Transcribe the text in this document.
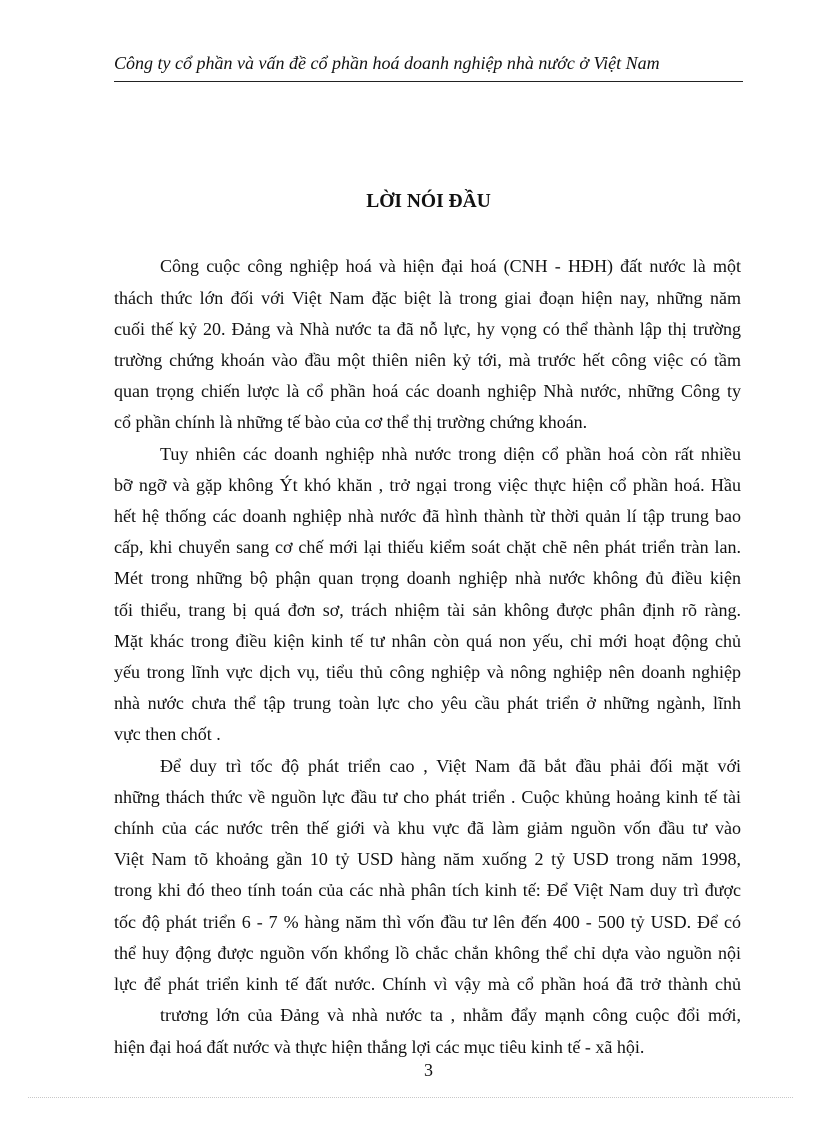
Công ty cổ phần và vấn đề cổ phần hoá doanh nghiệp nhà nước ở Việt Nam
LỜI NÓI ĐẦU
Công cuộc công nghiệp hoá và hiện đại hoá (CNH - HĐH) đất nước là một
thách thức lớn đối với Việt Nam đặc biệt là trong giai đoạn hiện nay, những năm
cuối thế kỷ 20. Đảng và Nhà nước ta đã nỗ lực, hy vọng có thể thành lập thị trường
trường chứng khoán vào đầu một thiên niên kỷ tới, mà trước hết công việc có tầm
quan trọng chiến lược là cổ phần hoá các doanh nghiệp Nhà nước, những Công ty
cổ phần chính là những tế bào của cơ thể thị trường chứng khoán.
Tuy nhiên các doanh nghiệp nhà nước trong diện cổ phần hoá còn rất nhiều
bỡ ngỡ và gặp không Ýt khó khăn , trở ngại trong việc thực hiện cổ phần hoá. Hầu
hết hệ thống các doanh nghiệp nhà nước đã hình thành từ thời quản lí tập trung bao
cấp, khi chuyển sang cơ chế mới lại thiếu kiểm soát chặt chẽ nên phát triển tràn lan.
Mét trong những bộ phận quan trọng doanh nghiệp nhà nước không đủ điều kiện
tối thiểu, trang bị quá đơn sơ, trách nhiệm tài sản không được phân định rõ ràng.
Mặt khác trong điều kiện kinh tế tư nhân còn quá non yếu, chỉ mới hoạt động chủ
yếu trong lĩnh vực dịch vụ, tiểu thủ công nghiệp và nông nghiệp nên doanh nghiệp
nhà nước chưa thể tập trung toàn lực cho yêu cầu phát triển ở những ngành, lĩnh
vực then chốt .
Để duy trì tốc độ phát triển cao , Việt Nam đã bắt đầu phải đối mặt với
những thách thức về nguồn lực đầu tư cho phát triển . Cuộc khủng hoảng kinh tế tài
chính của các nước trên thế giới và khu vực đã làm giảm nguồn vốn đầu tư vào
Việt Nam tõ khoảng gần 10 tỷ USD hàng năm xuống 2 tỷ USD trong năm 1998,
trong khi đó theo tính toán của các nhà phân tích kinh tế: Để Việt Nam duy trì được
tốc độ phát triển 6 - 7 % hàng năm thì vốn đầu tư lên đến 400 - 500 tỷ USD. Để có
thể huy động được nguồn vốn khổng lồ chắc chắn không thể chỉ dựa vào nguồn nội
lực để phát triển kinh tế đất nước. Chính vì vậy mà cổ phần hoá đã trở thành chủ
trương lớn của Đảng và nhà nước ta , nhằm đẩy mạnh công cuộc đổi mới,
hiện đại hoá đất nước và thực hiện thắng lợi các mục tiêu kinh tế - xã hội.
3
